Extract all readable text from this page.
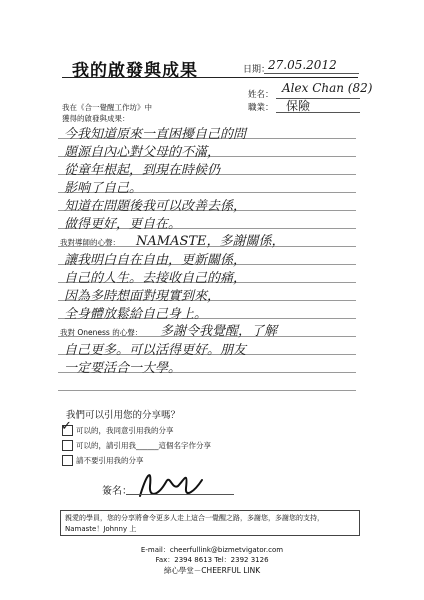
我的啟發與成果	日期：
27.05.2012
姓名： Alex Chan (82)
職業： 保險
我在《合一覺醒工作坊》中
獲得的啟發與成果：
今我知道原來一直困擾自己的問
題源自內心對父母的不滿，
從童年根起，到現在時候仍
影响了自己。
知道在問題後我可以改善去係，
做得更好，更自在。
我對導師的心聲： NAMASTE，多謝關係，
讓我明白自在自由，更新關係，
自己的人生。去接收自己的痛，
因為多時想面對現實到來，
全身體放鬆給自己身上。
我對 Oneness 的心聲： 多謝令我覺醒，了解
自己更多。可以活得更好。朋友
一定要活合一大學。
我們可以引用您的分享嗎？
✓ 可以的，我同意引用我的分享
可以的，請引用我______這個名字作分享
請不要引用我的分享
簽名：
親愛的學員，您的分享將會令更多人走上這合一覺醒之路，多謝您，多謝您的支持，
Namaste！Johnny 上
E-mail：cheerfullink@bizmetvigator.com
Fax：2394 8613 Tel：2392 3126
締心學堂－CHEERFUL LINK
